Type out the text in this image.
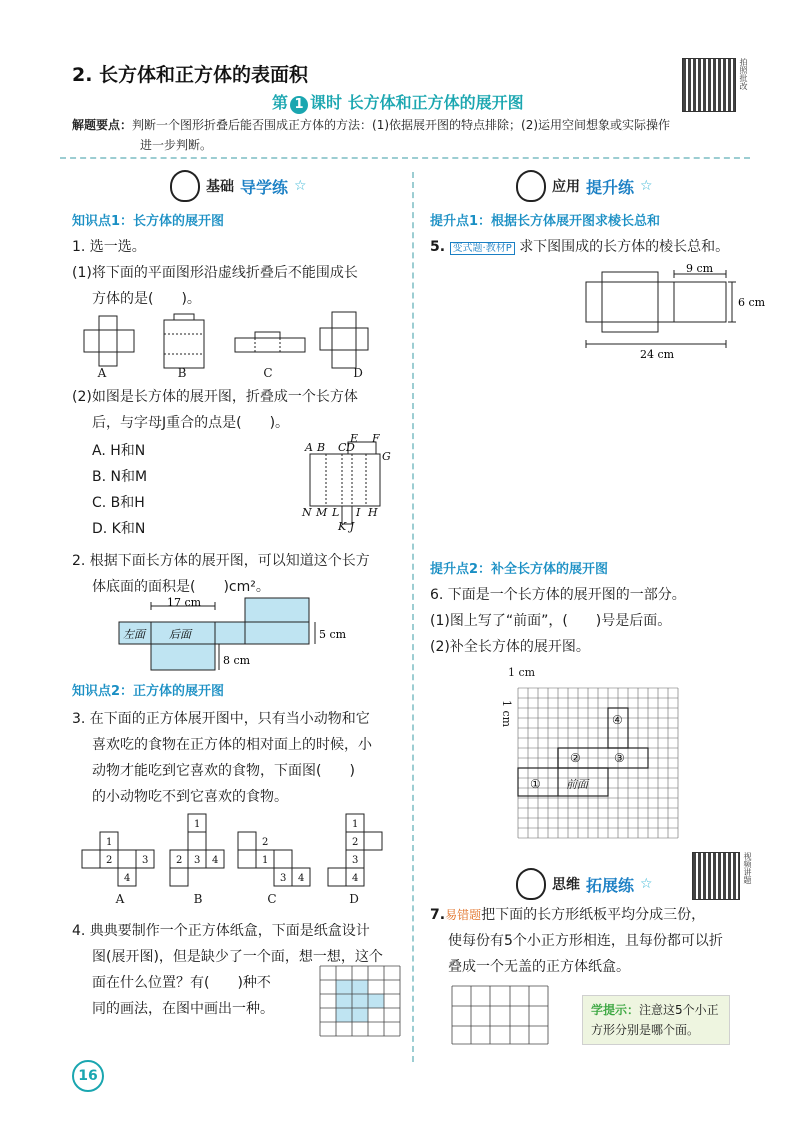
2. 长方体和正方体的表面积
第 1 课时 长方体和正方体的展开图
拍照批改
解题要点：判断一个图形折叠后能否围成正方体的方法：(1)依据展开图的特点排除；(2)运用空间想象或实际操作
进一步判断。
基础 导学练 ☆
知识点1：长方体的展开图
1. 选一选。
(1)将下面的平面图形沿虚线折叠后不能围成长
方体的是(　　)。
A	B	C	D
(2)如图是长方体的展开图，折叠成一个长方体
后，与字母J重合的点是(　　)。
A. H和N
B. N和M
C. B和H
D. K和N
A B C D
E F
G
N M L I H
K J
2. 根据下面长方体的展开图，可以知道这个长方
体底面的面积是(　　)cm²。
17 cm
5 cm
8 cm
左面 后面
知识点2：正方体的展开图
3. 在下面的正方体展开图中，只有当小动物和它
喜欢吃的食物在正方体的相对面上的时候，小
动物才能吃到它喜欢的食物，下面图(　　)
的小动物吃不到它喜欢的食物。
1
2	3
4
1
2 3 4	1
2
3 4
1
2
3
4
A	B	C	D
4. 典典要制作一个正方体纸盒，下面是纸盒设计
图(展开图)，但是缺少了一个面，想一想，这个
面在什么位置？有(　　)种不
同的画法，在图中画出一种。
应用 提升练 ☆
提升点1：根据长方体展开图求棱长总和
5. 变式题·教材P 求下图围成的长方体的棱长总和。
9 cm
6 cm
24 cm
提升点2：补全长方体的展开图
6. 下面是一个长方体的展开图的一部分。
(1)图上写了“前面”，(　　)号是后面。
(2)补全长方体的展开图。
1 cm
1 cm
①
②	③
④
前面
思维 拓展练 ☆	视频讲题
7.易错题把下面的长方形纸板平均分成三份，
使每份有5个小正方形相连，且每份都可以折
叠成一个无盖的正方体纸盒。
学提示：注意这5个小正方形分别是哪个面。
16
